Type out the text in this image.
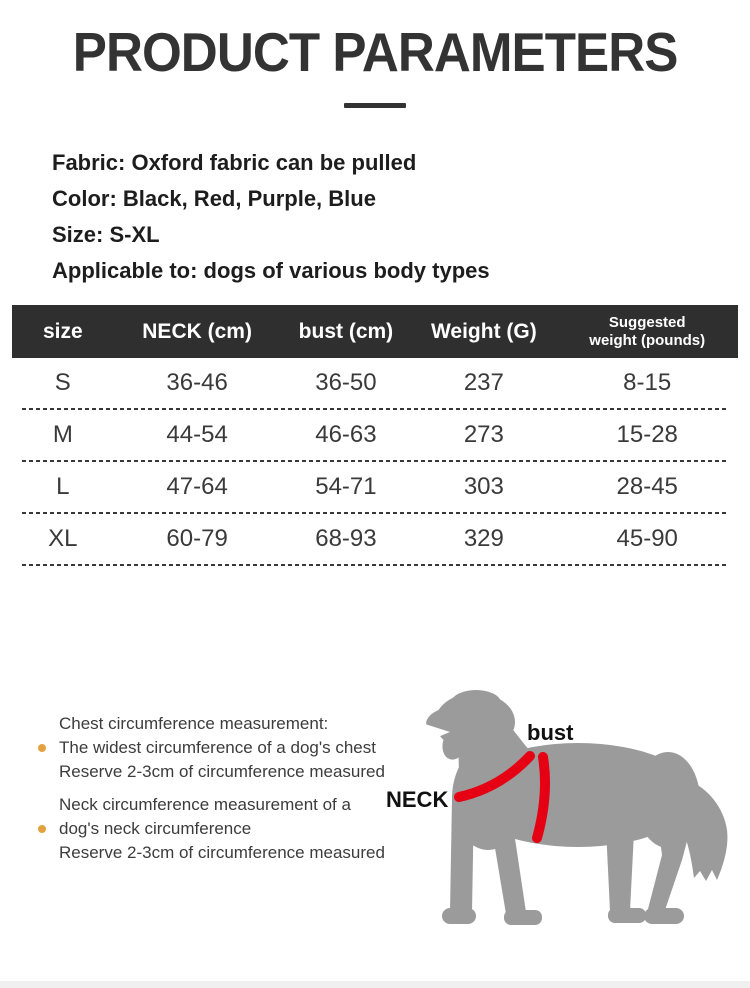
PRODUCT PARAMETERS
Fabric: Oxford fabric can be pulled
Color: Black, Red, Purple, Blue
Size: S-XL
Applicable to: dogs of various body types
size	NECK (cm)	bust (cm)	Weight (G)	Suggested
weight (pounds)
S	36-46	36-50	237	8-15
M	44-54	46-63	273	15-28
L	47-64	54-71	303	28-45
XL	60-79	68-93	329	45-90
Chest circumference measurement:
The widest circumference of a dog's chest
Reserve 2-3cm of circumference measured
Neck circumference measurement of a
dog's neck circumference
Reserve 2-3cm of circumference measured
bust
NECK
